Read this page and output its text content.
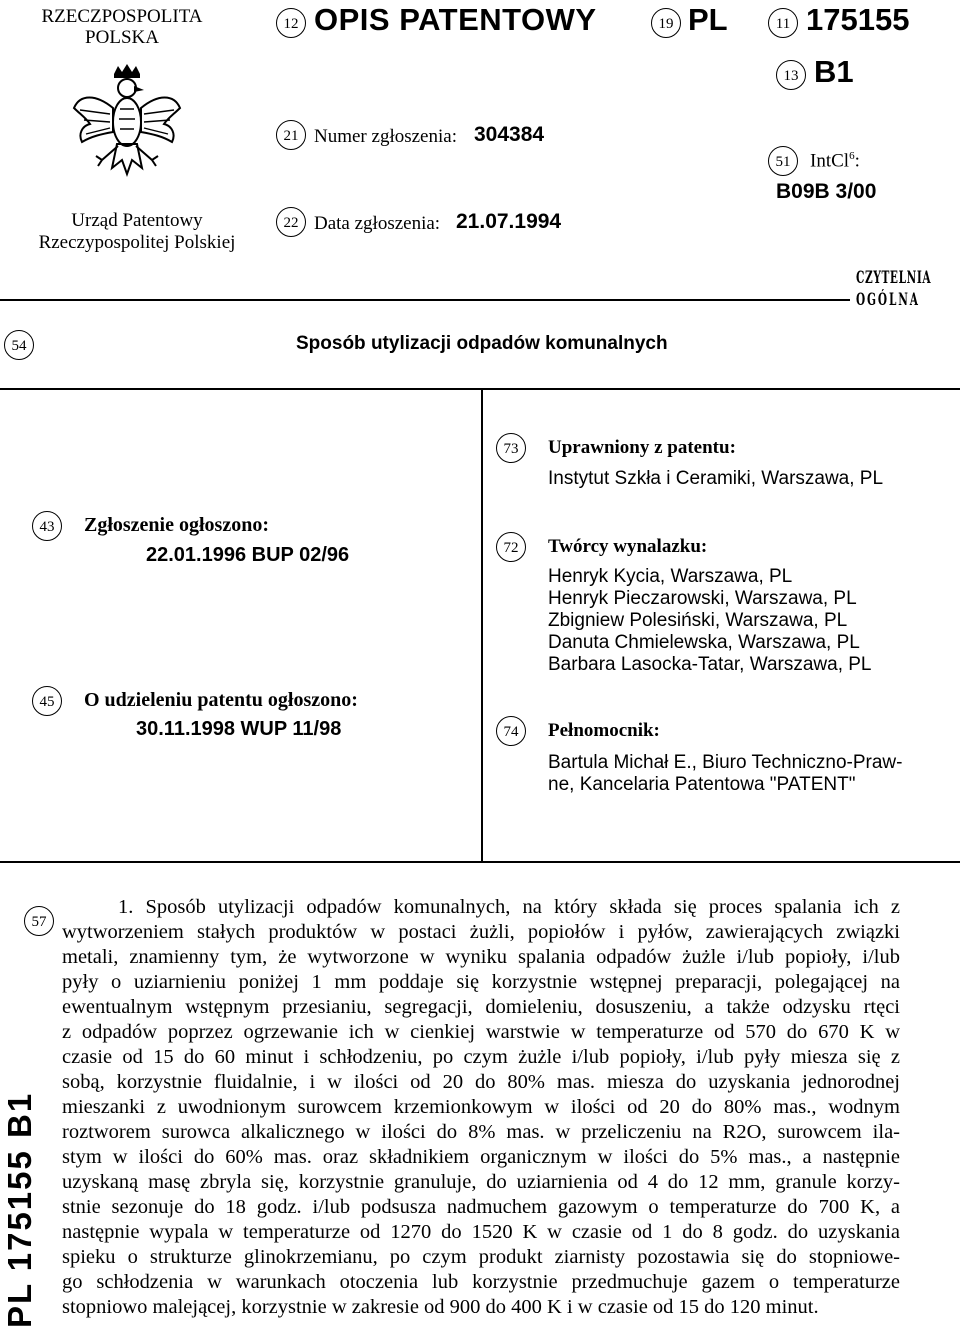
RZECZPOSPOLITA
POLSKA
Urząd Patentowy
Rzeczypospolitej Polskiej
12 OPIS PATENTOWY	19 PL	11 175155
13 B1
21 Numer zgłoszenia: 304384
22 Data zgłoszenia: 21.07.1994
51	IntCl$^6$:
B09B 3/00
CZYTELNIA
OGÓLNA
54	Sposób utylizacji odpadów komunalnych
43	Zgłoszenie ogłoszono:
22.01.1996 BUP 02/96
45	O udzieleniu patentu ogłoszono:
30.11.1998 WUP 11/98
73	Uprawniony z patentu:
Instytut Szkła i Ceramiki, Warszawa, PL
72	Twórcy wynalazku:
Henryk Kycia, Warszawa, PL
Henryk Pieczarowski, Warszawa, PL
Zbigniew Polesiński, Warszawa, PL
Danuta Chmielewska, Warszawa, PL
Barbara Lasocka-Tatar, Warszawa, PL
74	Pełnomocnik:
Bartula Michał E., Biuro Techniczno-Praw-
ne, Kancelaria Patentowa "PATENT"
57
1. Sposób utylizacji odpadów komunalnych, na który składa się proces spalania ich z
wytworzeniem stałych produktów w postaci żużli, popiołów i pyłów, zawierających związki
metali, znamienny tym, że wytworzone w wyniku spalania odpadów żużle i/lub popioły, i/lub
pyły o uziarnieniu poniżej 1 mm poddaje się korzystnie wstępnej preparacji, polegającej na
ewentualnym wstępnym przesianiu, segregacji, domieleniu, dosuszeniu, a także odzysku rtęci
z odpadów poprzez ogrzewanie ich w cienkiej warstwie w temperaturze od 570 do 670 K w
czasie od 15 do 60 minut i schłodzeniu, po czym żużle i/lub popioły, i/lub pyły miesza się z
sobą, korzystnie fluidalnie, i w ilości od 20 do 80% mas. miesza do uzyskania jednorodnej
mieszanki z uwodnionym surowcem krzemionkowym w ilości od 20 do 80% mas., wodnym
roztworem surowca alkalicznego w ilości do 8% mas. w przeliczeniu na R2O, surowcem ila-
stym w ilości do 60% mas. oraz składnikiem organicznym w ilości do 5% mas., a następnie
uzyskaną masę zbryla się, korzystnie granuluje, do uziarnienia od 4 do 12 mm, granule korzy-
stnie sezonuje do 18 godz. i/lub podsusza nadmuchem gazowym o temperaturze do 700 K, a
następnie wypala w temperaturze od 1270 do 1520 K w czasie od 1 do 8 godz. do uzyskania
spieku o strukturze glinokrzemianu, po czym produkt ziarnisty pozostawia się do stopniowe-
go schłodzenia w warunkach otoczenia lub korzystnie przedmuchuje gazem o temperaturze
stopniowo malejącej, korzystnie w zakresie od 900 do 400 K i w czasie od 15 do 120 minut.
PL 175155 B1
